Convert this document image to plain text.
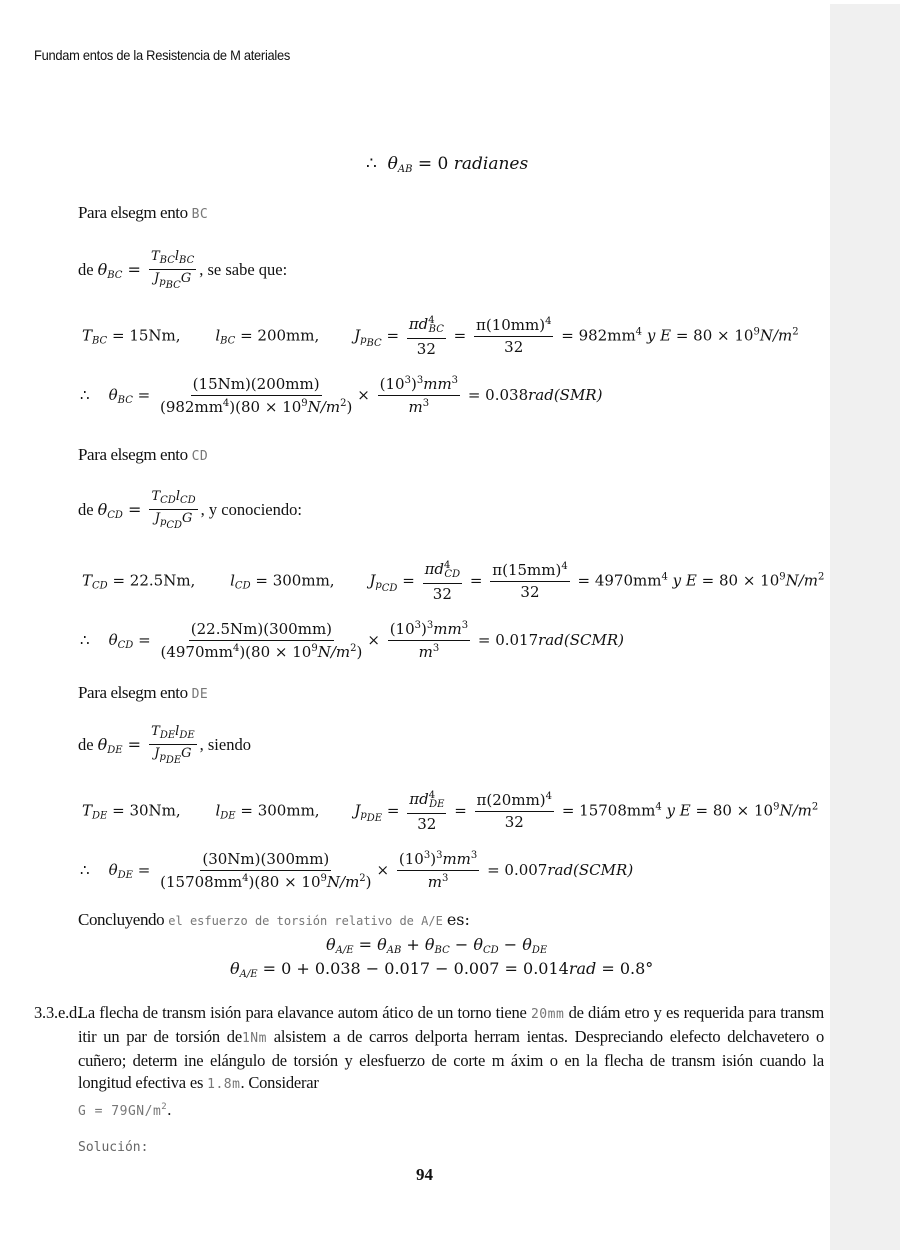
Fundam entos de la Resistencia de M ateriales
∴ $\theta_{AB} = 0$ radianes
Para elsegm ento BC
de $\theta_{BC} = \frac{T_{BC}l_{BC}}{J_{p_{BC}}G}$ , se sabe que:
$T_{BC} = 15Nm$, $l_{BC} = 200mm$, $J_{p_{BC}} = \frac{\pi d^4_{BC}}{32} = \frac{\pi(10mm)^4}{32} = 982mm^4$ y $E = 80 \times 10^9N/m^2$
∴ $\theta_{BC} = \frac{(15Nm)(200mm)}{(982mm^4)(80 \times 10^9N/m^2)} \times \frac{(10^3)^3mm^3}{m^3} = 0.038rad(SMR)$
Para elsegm ento CD
de $\theta_{CD} = \frac{T_{CD}l_{CD}}{J_{p_{CD}}G}$ , y conociendo:
$T_{CD} = 22.5Nm$, $l_{CD} = 300mm$, $J_{p_{CD}} = \frac{\pi d^4_{CD}}{32} = \frac{\pi(15mm)^4}{32} = 4970mm^4$ y $E = 80 \times 10^9N/m^2$
∴ $\theta_{CD} = \frac{(22.5Nm)(300mm)}{(4970mm^4)(80 \times 10^9N/m^2)} \times \frac{(10^3)^3mm^3}{m^3}$ = 0.017rad(SCMR)
Para elsegm ento DE
de $\theta_{DE} = \frac{T_{DE}l_{DE}}{J_{p_{DE}}G}$ , siendo
$T_{DE} = 30Nm$, $l_{DE} = 300mm$, $J_{p_{DE}} = \frac{\pi d^4_{DE}}{32} = \frac{\pi(20mm)^4}{32} = 15708mm^4$ y $E = 80 \times 10^9N/m^2$
∴ $\theta_{DE} = \frac{(30Nm)(300mm)}{(15708mm^4)(80 \times 10^9N/m^2)} \times \frac{(10^3)^3mm^3}{m^3}$ = 0.007rad(SCMR)
Concluyendo el esfuerzo de torsión relativo de A/E es:
$\theta_{A/E} = \theta_{AB} + \theta_{BC} - \theta_{CD} - \theta_{DE}$
$\theta_{A/E} = 0 + 0.038 - 0.017 - 0.007 = 0.014rad = 0.8^\circ$
3.3.e.d.La flecha de transm isión para elavance autom ático de un torno tiene 20mm de diám etro y es requerida para transm itir un par de torsión de1Nm alsistem a de carros delporta herram ientas. Despreciando elefecto delchavetero o cuñero; determ ine elángulo de torsión y elesfuerzo de corte m áxim o en la flecha de transm isión cuando la longitud efectiva es 1.8m. Considerar
$G = 79GN/m^2$.
Solución:
94
